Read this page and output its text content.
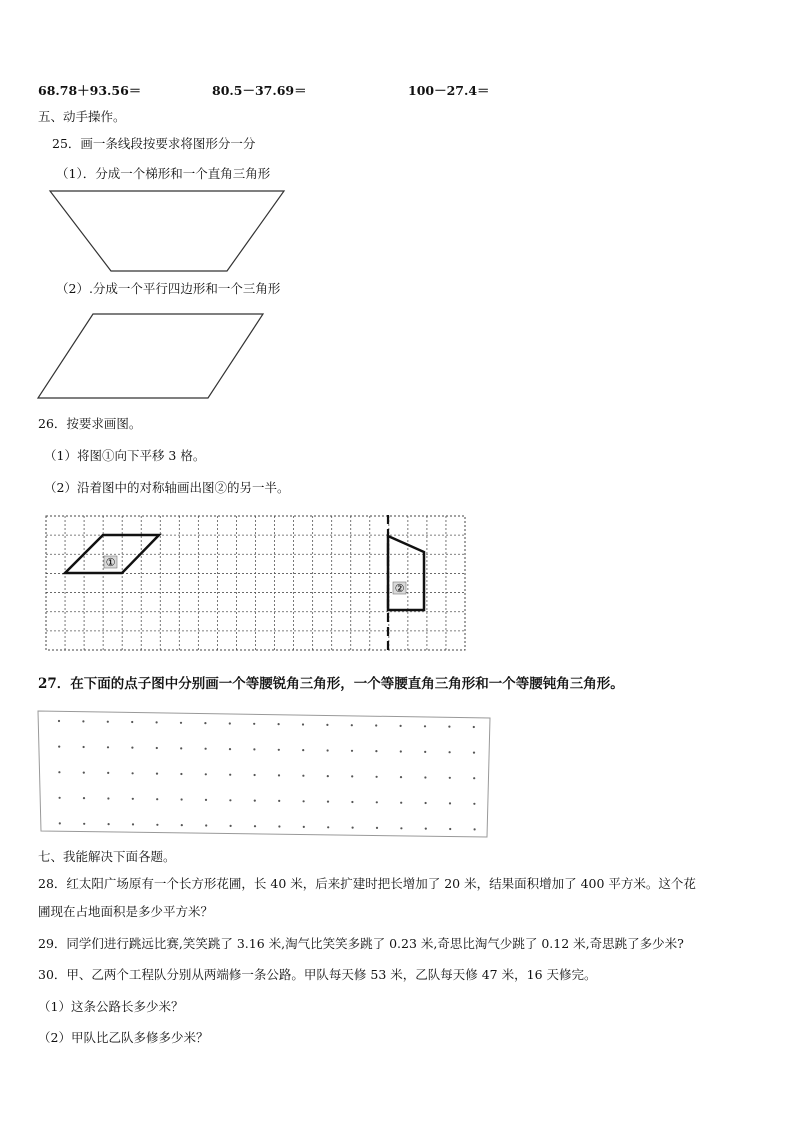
68.78＋93.56＝	80.5－37.69＝	100－27.4＝
五、动手操作。
25．画一条线段按要求将图形分一分
（1）．分成一个梯形和一个直角三角形
（2）.分成一个平行四边形和一个三角形
26．按要求画图。
（1）将图①向下平移 3 格。
（2）沿着图中的对称轴画出图②的另一半。
①
②
27．在下面的点子图中分别画一个等腰锐角三角形，一个等腰直角三角形和一个等腰钝角三角形。
七、我能解决下面各题。
28．红太阳广场原有一个长方形花圃，长 40 米，后来扩建时把长增加了 20 米，结果面积增加了 400 平方米。这个花
圃现在占地面积是多少平方米？
29．同学们进行跳远比赛,笑笑跳了 3.16 米,淘气比笑笑多跳了 0.23 米,奇思比淘气少跳了 0.12 米,奇思跳了多少米?
30．甲、乙两个工程队分别从两端修一条公路。甲队每天修 53 米，乙队每天修 47 米，16 天修完。
（1）这条公路长多少米？
（2）甲队比乙队多修多少米？
